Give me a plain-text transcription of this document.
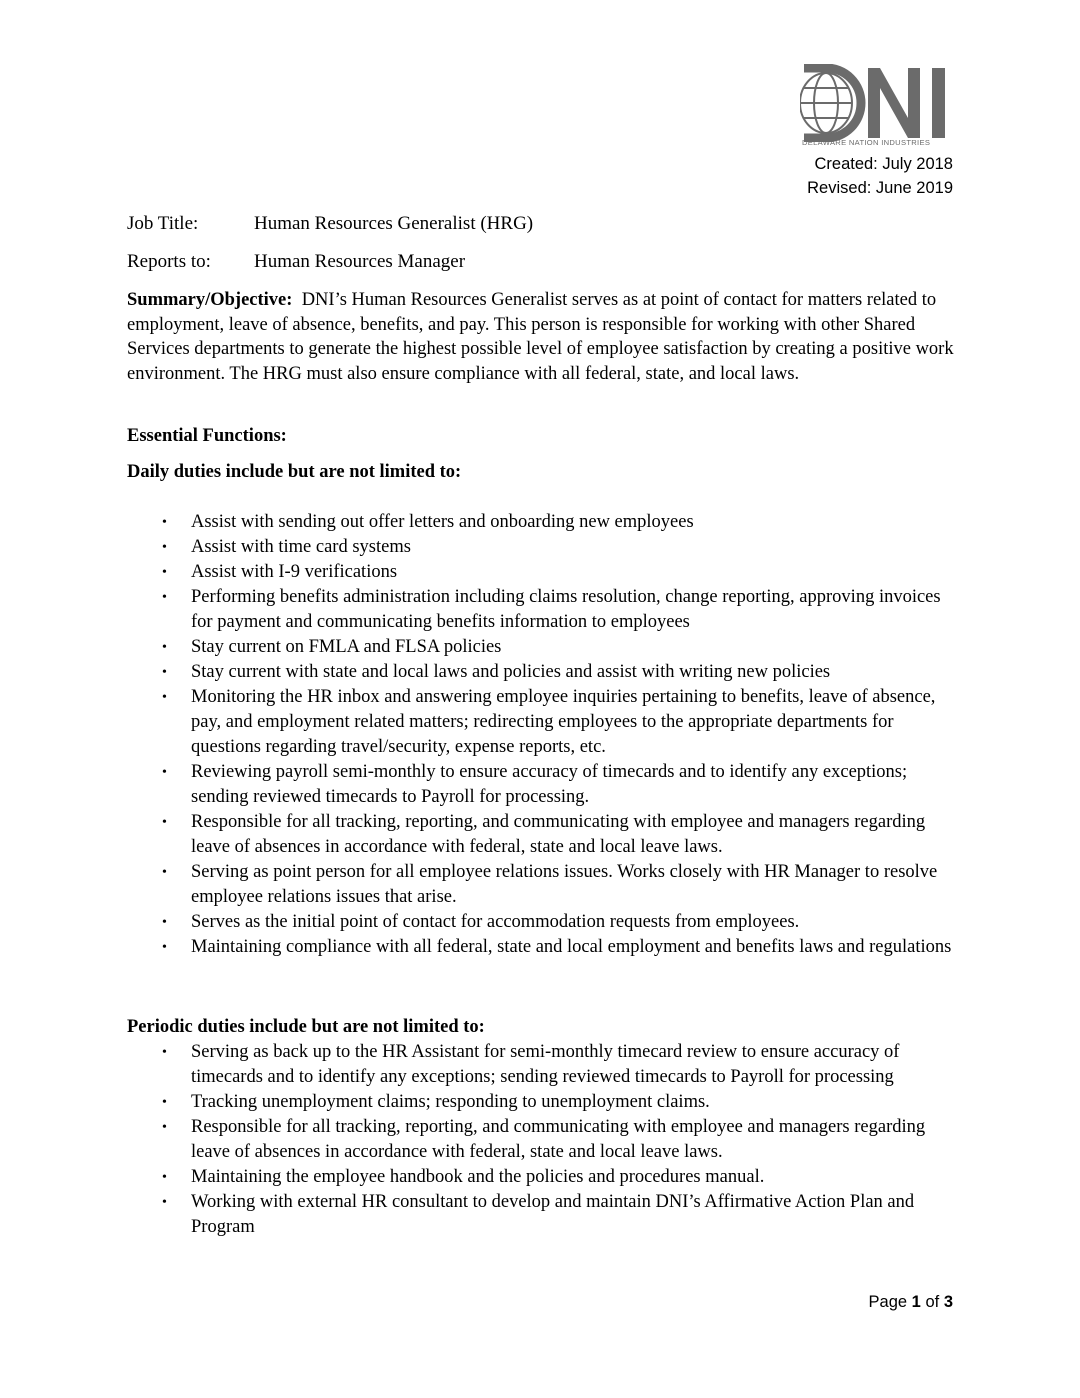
DELAWARE NATION INDUSTRIES
Created: July 2018
Revised: June 2019
Job Title:	Human Resources Generalist (HRG)
Reports to: Human Resources Manager
Summary/Objective: DNI’s Human Resources Generalist serves as at point of contact for matters related to employment, leave of absence, benefits, and pay. This person is responsible for working with other Shared Services departments to generate the highest possible level of employee satisfaction by creating a positive work environment. The HRG must also ensure compliance with all federal, state, and local laws.
Essential Functions:
Daily duties include but are not limited to:
• Assist with sending out offer letters and onboarding new employees
• Assist with time card systems
• Assist with I-9 verifications
• Performing benefits administration including claims resolution, change reporting, approving invoices for payment and communicating benefits information to employees
• Stay current on FMLA and FLSA policies
• Stay current with state and local laws and policies and assist with writing new policies
• Monitoring the HR inbox and answering employee inquiries pertaining to benefits, leave of absence, pay, and employment related matters; redirecting employees to the appropriate departments for questions regarding travel/security, expense reports, etc.
• Reviewing payroll semi-monthly to ensure accuracy of timecards and to identify any exceptions; sending reviewed timecards to Payroll for processing.
• Responsible for all tracking, reporting, and communicating with employee and managers regarding leave of absences in accordance with federal, state and local leave laws.
• Serving as point person for all employee relations issues. Works closely with HR Manager to resolve employee relations issues that arise.
• Serves as the initial point of contact for accommodation requests from employees.
• Maintaining compliance with all federal, state and local employment and benefits laws and regulations
Periodic duties include but are not limited to:
• Serving as back up to the HR Assistant for semi-monthly timecard review to ensure accuracy of timecards and to identify any exceptions; sending reviewed timecards to Payroll for processing
• Tracking unemployment claims; responding to unemployment claims.
• Responsible for all tracking, reporting, and communicating with employee and managers regarding leave of absences in accordance with federal, state and local leave laws.
• Maintaining the employee handbook and the policies and procedures manual.
• Working with external HR consultant to develop and maintain DNI’s Affirmative Action Plan and Program
Page 1 of 3
